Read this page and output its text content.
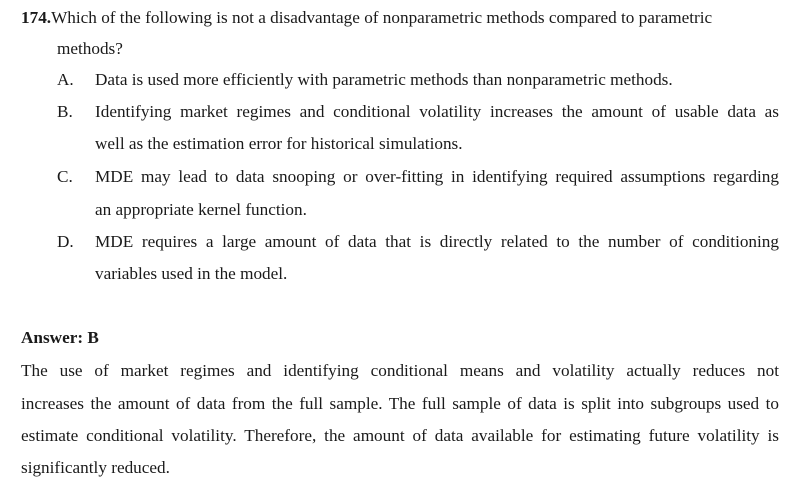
174.Which of the following is not a disadvantage of nonparametric methods compared to parametric
methods?
A. Data is used more efficiently with parametric methods than nonparametric methods.
B. Identifying market regimes and conditional volatility increases the amount of usable data as
well as the estimation error for historical simulations.
C. MDE may lead to data snooping or over-fitting in identifying required assumptions regarding
an appropriate kernel function.
D. MDE requires a large amount of data that is directly related to the number of conditioning
variables used in the model.
Answer: B
The use of market regimes and identifying conditional means and volatility actually reduces not
increases the amount of data from the full sample. The full sample of data is split into subgroups used to
estimate conditional volatility. Therefore, the amount of data available for estimating future volatility is
significantly reduced.
